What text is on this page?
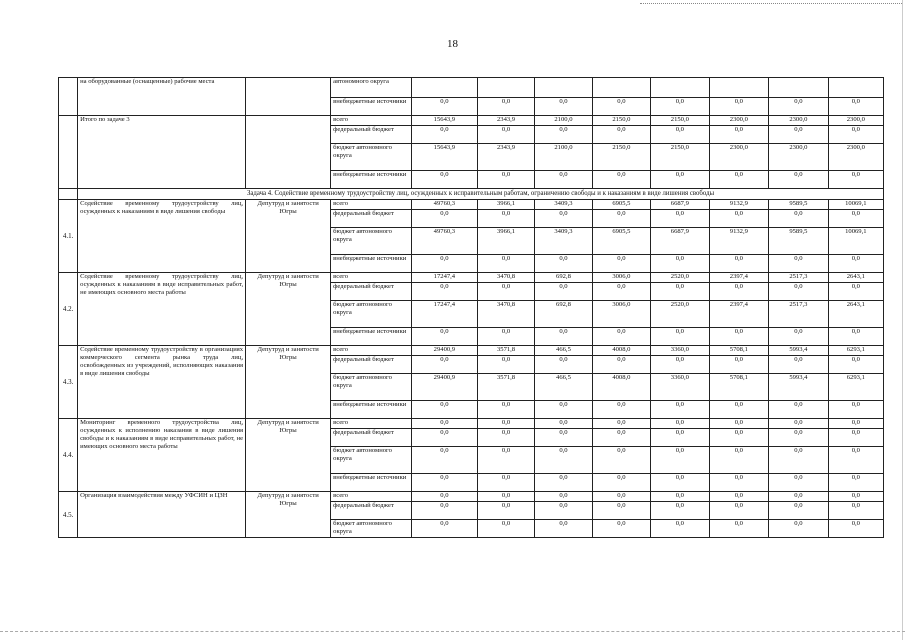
18
	на оборудованные (оснащенные) рабочие места		автономного округа								
			внебюджетные источники	0,0	0,0	0,0	0,0	0,0	0,0	0,0	0,0
	Итого по задаче 3		всего	15643,9	2343,9	2100,0	2150,0	2150,0	2300,0	2300,0	2300,0
			федеральный бюджет	0,0	0,0	0,0	0,0	0,0	0,0	0,0	0,0
			бюджет автономного округа	15643,9	2343,9	2100,0	2150,0	2150,0	2300,0	2300,0	2300,0
			внебюджетные источники	0,0	0,0	0,0	0,0	0,0	0,0	0,0	0,0
	Задача 4. Содействие временному трудоустройству лиц, осужденных к исправительным работам, ограничению свободы и к наказаниям в виде лишения свободы										
4.1.	Содействие временному трудоустройству лиц, осужденных к наказаниям в виде лишения свободы	Депутруд и занятости Югры	всего	49760,3	3966,1	3409,3	6905,5	6687,9	9132,9	9589,5	10069,1
			федеральный бюджет	0,0	0,0	0,0	0,0	0,0	0,0	0,0	0,0
			бюджет автономного округа	49760,3	3966,1	3409,3	6905,5	6687,9	9132,9	9589,5	10069,1
			внебюджетные источники	0,0	0,0	0,0	0,0	0,0	0,0	0,0	0,0
4.2.	Содействие временному трудоустройству лиц, осужденных к наказаниям в виде исправительных работ, не имеющих основного места работы	Депутруд и занятости Югры	всего	17247,4	3470,8	692,8	3006,0	2520,0	2397,4	2517,3	2643,1
			федеральный бюджет	0,0	0,0	0,0	0,0	0,0	0,0	0,0	0,0
			бюджет автономного округа	17247,4	3470,8	692,8	3006,0	2520,0	2397,4	2517,3	2643,1
			внебюджетные источники	0,0	0,0	0,0	0,0	0,0	0,0	0,0	0,0
4.3.	Содействие временному трудоустройству в организациях коммерческого сегмента рынка труда лиц, освобожденных из учреждений, исполняющих наказания в виде лишения свободы	Депутруд и занятости Югры	всего	29400,9	3571,8	466,5	4008,0	3360,0	5708,1	5993,4	6293,1
			федеральный бюджет	0,0	0,0	0,0	0,0	0,0	0,0	0,0	0,0
			бюджет автономного округа	29400,9	3571,8	466,5	4008,0	3360,0	5708,1	5993,4	6293,1
			внебюджетные источники	0,0	0,0	0,0	0,0	0,0	0,0	0,0	0,0
4.4.	Мониторинг временного трудоустройства лиц, осужденных к исполнению наказания в виде лишения свободы и к наказаниям в виде исправительных работ, не имеющих основного места работы	Депутруд и занятости Югры	всего	0,0	0,0	0,0	0,0	0,0	0,0	0,0	0,0
			федеральный бюджет	0,0	0,0	0,0	0,0	0,0	0,0	0,0	0,0
			бюджет автономного округа	0,0	0,0	0,0	0,0	0,0	0,0	0,0	0,0
			внебюджетные источники	0,0	0,0	0,0	0,0	0,0	0,0	0,0	0,0
4.5.	Организация взаимодействия между УФСИН и ЦЗН	Депутруд и занятости Югры	всего	0,0	0,0	0,0	0,0	0,0	0,0	0,0	0,0
			федеральный бюджет	0,0	0,0	0,0	0,0	0,0	0,0	0,0	0,0
			бюджет автономного округа	0,0	0,0	0,0	0,0	0,0	0,0	0,0	0,0
